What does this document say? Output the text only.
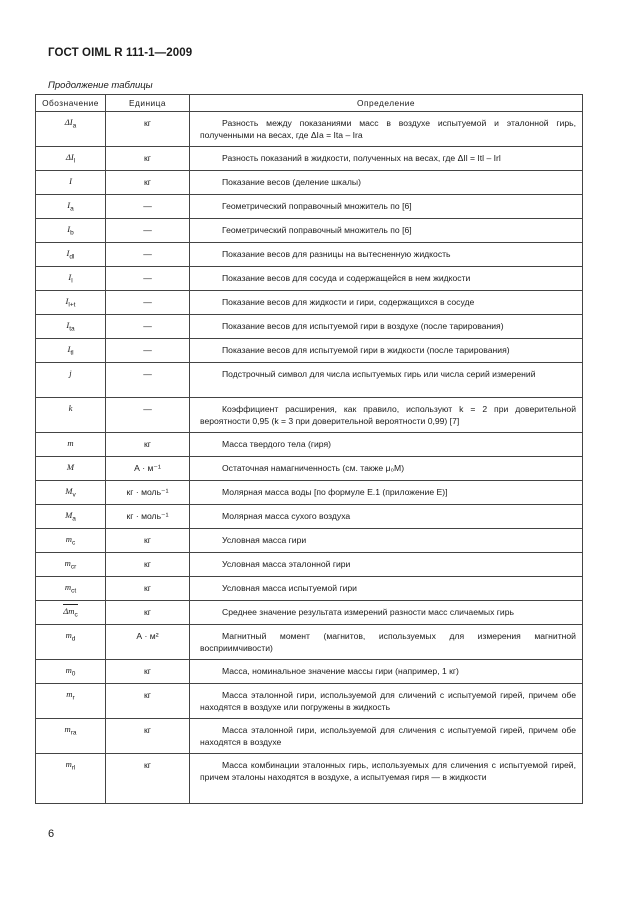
ГОСТ OIML R 111-1—2009
Продолжение таблицы
Обозначение	Единица	Определение
$\Delta I_a$	кг	Разность между показаниями масс в воздухе испытуемой и эталонной гирь, полученными на весах, где ΔIa = Ita – Ira
$\Delta I_l$	кг	Разность показаний в жидкости, полученных на весах, где ΔIl = Itl – Irl
I	кг	Показание весов (деление шкалы)
$I_a$	—	Геометрический поправочный множитель по [6]
$I_b$	—	Геометрический поправочный множитель по [6]
$I_{dl}$	—	Показание весов для разницы на вытесненную жидкость
$I_l$	—	Показание весов для сосуда и содержащейся в нем жидкости
$I_{l+t}$	—	Показание весов для жидкости и гири, содержащихся в сосуде
$I_{ta}$	—	Показание весов для испытуемой гири в воздухе (после тарирования)
$I_{tl}$	—	Показание весов для испытуемой гири в жидкости (после тарирования)
j	—	Подстрочный символ для числа испытуемых гирь или числа серий измерений
k	—	Коэффициент расширения, как правило, используют k = 2 при доверительной вероятности 0,95 (k = 3 при доверительной вероятности 0,99) [7]
m	кг	Масса твердого тела (гиря)
M	А · м⁻¹	Остаточная намагниченность (см. также μ₀M)
$M_v$	кг · моль⁻¹	Молярная масса воды [по формуле Е.1 (приложение Е)]
$M_a$	кг · моль⁻¹	Молярная масса сухого воздуха
$m_c$	кг	Условная масса гири
$m_{cr}$	кг	Условная масса эталонной гири
$m_{ct}$	кг	Условная масса испытуемой гири
$\Delta m_c$	кг	Среднее значение результата измерений разности масс сличаемых гирь
$m_d$	А · м²	Магнитный момент (магнитов, используемых для измерения магнитной восприимчивости)
$m_0$	кг	Масса, номинальное значение массы гири (например, 1 кг)
$m_r$	кг	Масса эталонной гири, используемой для сличений с испытуемой гирей, причем обе находятся в воздухе или погружены в жидкость
$m_{ra}$	кг	Масса эталонной гири, используемой для сличения с испытуемой гирей, причем обе находятся в воздухе
$m_{rl}$	кг	Масса комбинации эталонных гирь, используемых для сличения с испытуемой гирей, причем эталоны находятся в воздухе, а испытуемая гиря — в жидкости
6
